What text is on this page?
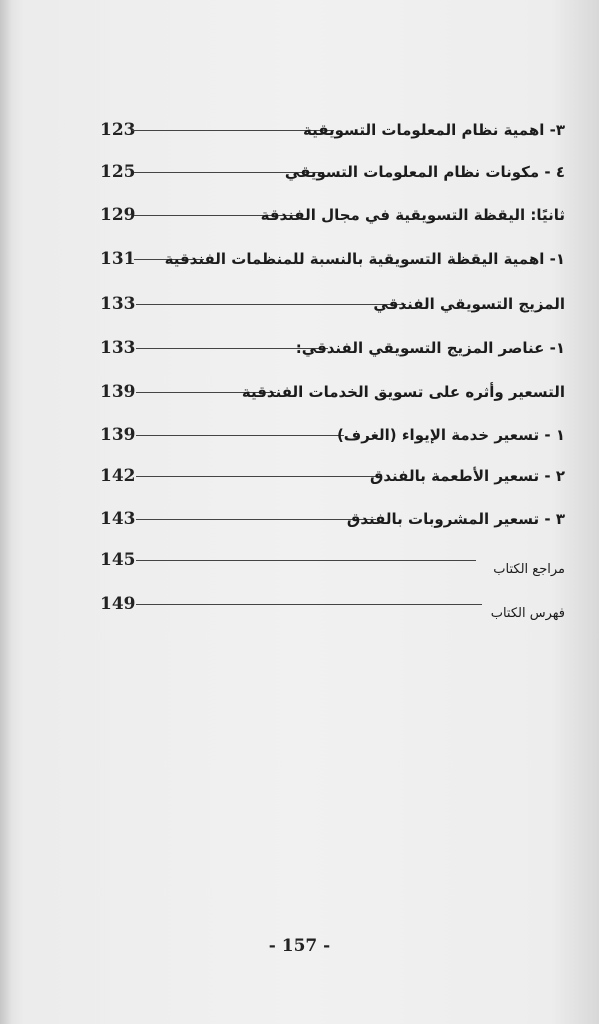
123	٣- اهمية نظام المعلومات التسويقية
125	٤ - مكونات نظام المعلومات التسويقي
129	ثانيًا: اليقظة التسويقية في مجال الفندقة
131 ١- اهمية اليقظة التسويقية بالنسبة للمنظمات الفندقية
133	المزيج التسويقي الفندقي
133	١- عناصر المزيج التسويقي الفندقي:
139	التسعير وأثره على تسويق الخدمات الفندقية
139	١ - تسعير خدمة الإيواء (الغرف)
142	٢ - تسعير الأطعمة بالفندق
143	٣ - تسعير المشروبات بالفندق
145	مراجع الكتاب
149	فهرس الكتاب
- 157 -
